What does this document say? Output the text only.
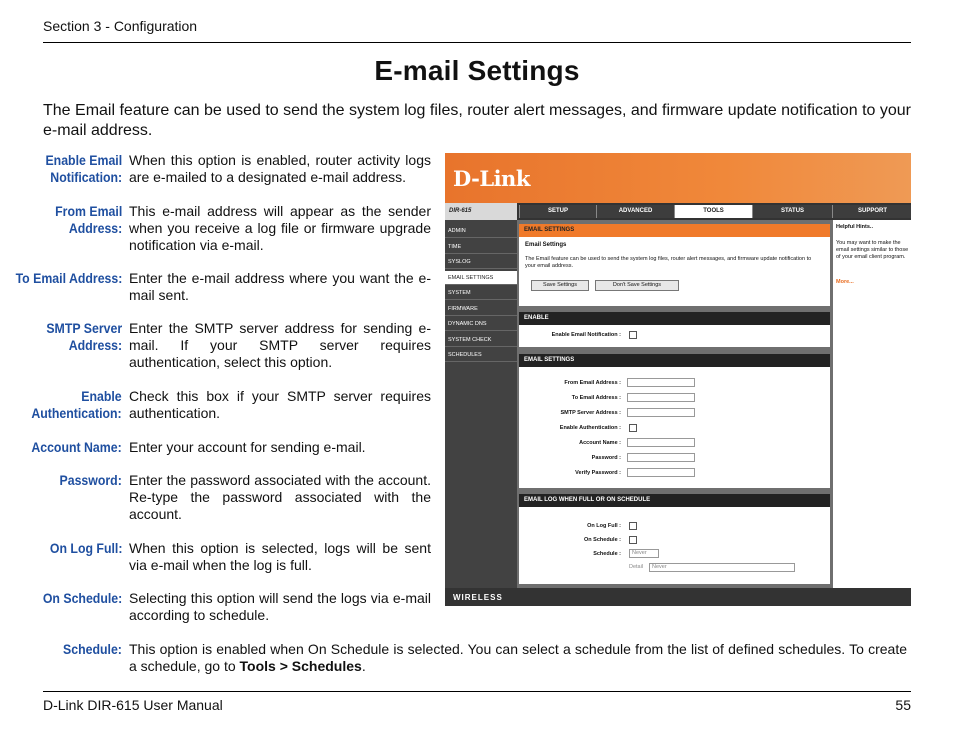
Section 3 - Configuration
E-mail Settings
The Email feature can be used to send the system log files, router alert messages, and firmware update notification to your e-mail address.
Enable Email
Notification:
When this option is enabled, router activity logs are e-mailed to a designated e-mail address.
From Email
Address:
This e-mail address will appear as the sender when you receive a log file or firmware upgrade notification via e-mail.
To Email Address: Enter the e-mail address where you want the e-mail sent.
SMTP Server
Address:
Enter the SMTP server address for sending e-mail. If your SMTP server requires authentication, select this option.
Enable
Authentication:
Check this box if your SMTP server requires authentication.
Account Name: Enter your account for sending e-mail.
Password: Enter the password associated with the account. Re-type the password associated with the account.
On Log Full: When this option is selected, logs will be sent via e-mail when the log is full.
On Schedule: Selecting this option will send the logs via e-mail according to schedule.
Schedule: This option is enabled when On Schedule is selected. You can select a schedule from the list of defined schedules. To create a schedule, go to Tools > Schedules.
D-Link
DIR-615	SETUP	ADVANCED	TOOLS	STATUS	SUPPORT
ADMIN
TIME
SYSLOG
EMAIL SETTINGS
SYSTEM
FIRMWARE
DYNAMIC DNS
SYSTEM CHECK
SCHEDULES
EMAIL SETTINGS
Email Settings
The Email feature can be used to send the system log files, router alert messages, and firmware update notification to your email address.
Save Settings	Don't Save Settings
ENABLE
Enable Email Notification :
EMAIL SETTINGS
From Email Address :
To Email Address :
SMTP Server Address :
Enable Authentication :
Account Name :
Password :
Verify Password :
EMAIL LOG WHEN FULL OR ON SCHEDULE
On Log Full :
On Schedule :
Schedule :	Never
Detail	Never
Helpful Hints..
You may want to make the email settings similar to those of your email client program.
More...
WIRELESS
D-Link DIR-615 User Manual	55
